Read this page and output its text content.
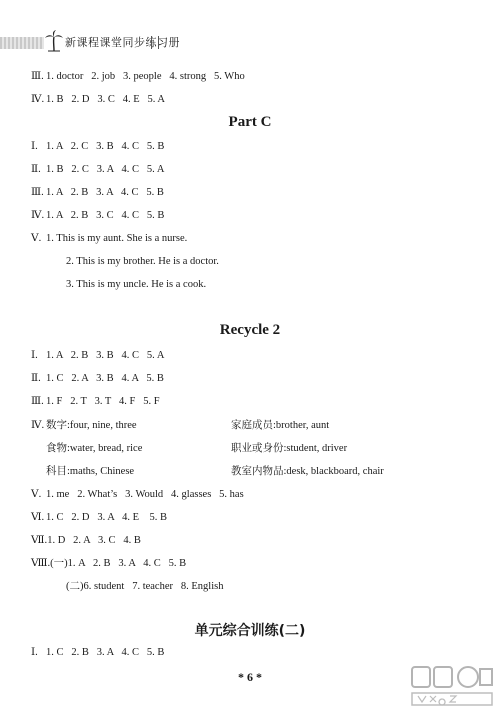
新课程课堂同步练习册
Ⅲ. 1. doctor   2. job   3. people   4. strong   5. Who
Ⅳ. 1. B   2. D   3. C   4. E   5. A
Part C
Ⅰ. 1. A   2. C   3. B   4. C   5. B
Ⅱ. 1. B   2. C   3. A   4. C   5. A
Ⅲ. 1. A   2. B   3. A   4. C   5. B
Ⅳ. 1. A   2. B   3. C   4. C   5. B
Ⅴ. 1. This is my aunt. She is a nurse.
2. This is my brother. He is a doctor.
3. This is my uncle. He is a cook.
Recycle 2
Ⅰ. 1. A   2. B   3. B   4. C   5. A
Ⅱ. 1. C   2. A   3. B   4. A   5. B
Ⅲ. 1. F   2. T   3. T   4. F   5. F
Ⅳ. 数字:four, nine, three	家庭成员:brother, aunt
食物:water, bread, rice	职业或身份:student, driver
科目:maths, Chinese	教室内物品:desk, blackboard, chair
Ⅴ. 1. me   2. What’s   3. Would   4. glasses   5. has
Ⅵ. 1. C   2. D   3. A   4. E    5. B
Ⅶ.1. D   2. A   3. C   4. B
Ⅷ.(一)1. A   2. B   3. A   4. C   5. B
(二)6. student   7. teacher   8. English
单元综合训练(二)
Ⅰ. 1. C   2. B   3. A   4. C   5. B
* 6 *
